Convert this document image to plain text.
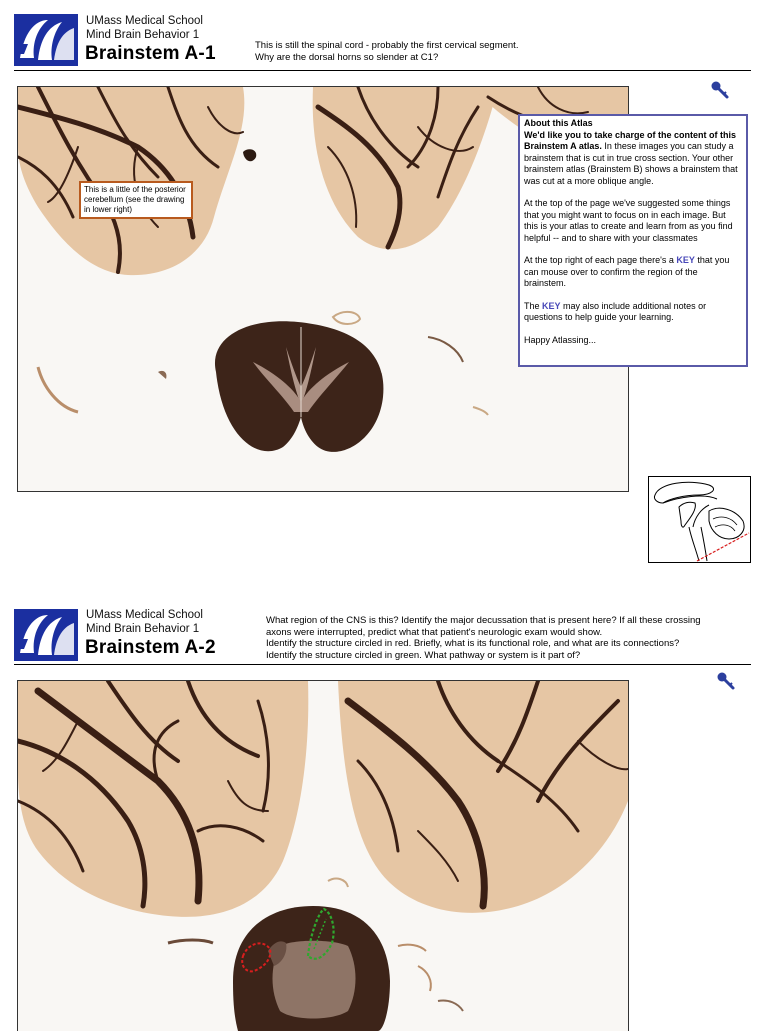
UMass Medical School
Mind Brain Behavior 1
Brainstem A-1	This is still the spinal cord - probably the first cervical segment.
Why are the dorsal horns so slender at C1?
This is a little of the posterior cerebellum (see the drawing in lower right)

About this Atlas

We'd like you to take charge of the content of this Brainstem A atlas. In these images you can study a brainstem that is cut in true cross section. Your other brainstem atlas (Brainstem B) shows a brainstem that was cut at a more oblique angle.

At the top of the page we've suggested some things that you might want to focus on in each image. But this is your atlas to create and learn from as you find helpful -- and to share with your classmates

At the top right of each page there's a KEY that you can mouse over to confirm the region of the brainstem.

The KEY may also include additional notes or questions to help guide your learning.

Happy Atlassing...

UMass Medical School
Mind Brain Behavior 1
Brainstem A-2
What region of the CNS is this? Identify the major decussation that is present here? If all these crossing
axons were interrupted, predict what that patient's neurologic exam would show.
Identify the structure circled in red. Briefly, what is its functional role, and what are its connections?
Identify the structure circled in green. What pathway or system is it part of?
